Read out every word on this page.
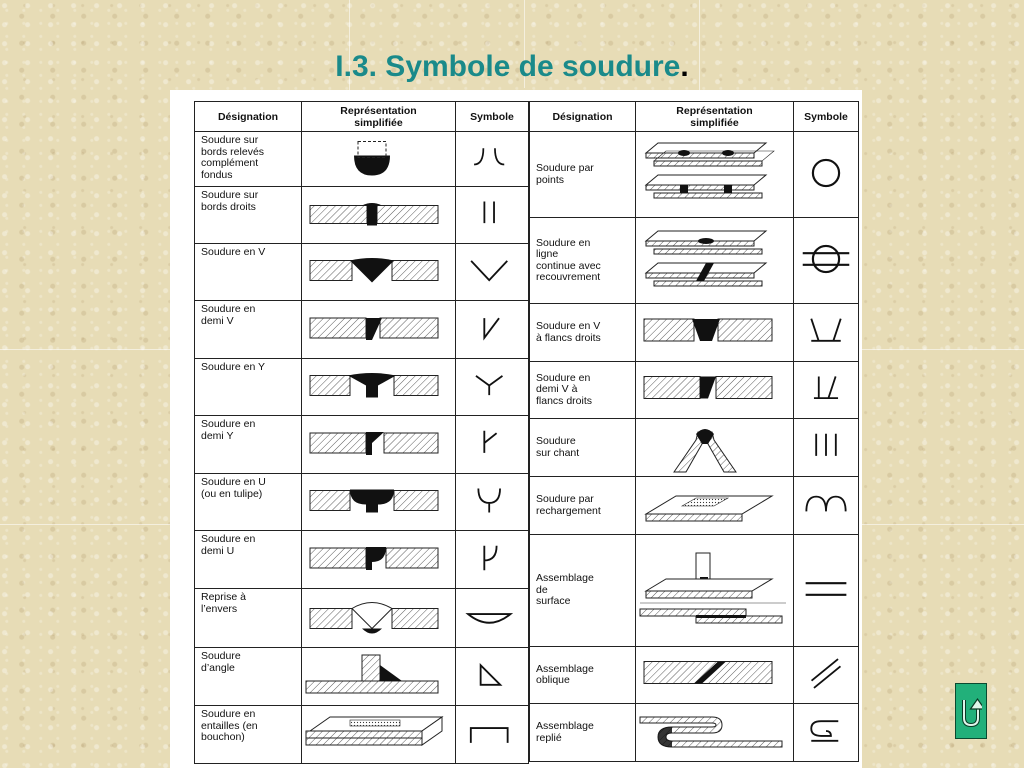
I.3. Symbole de soudure.
Désignation	Représentation simplifiée	Symbole
Soudure sur
bords relevés
complément
fondus	

Soudure sur
bords droits	

Soudure en V	

Soudure en
demi V	

Soudure en Y	

Soudure en
demi Y	

Soudure en U
(ou en tulipe)	

Soudure en
demi U	

Reprise à
l’envers	

Soudure
d’angle	

Soudure en
entailles (en
bouchon)	

Désignation	Représentation simplifiée	Symbole
Soudure par
points	

Soudure en
ligne
continue avec
recouvrement	

Soudure en V
à flancs droits	

Soudure en
demi V à
flancs droits	

Soudure
sur chant	

Soudure par
rechargement	

Assemblage
de
surface	

Assemblage
oblique	

Assemblage
replié	
